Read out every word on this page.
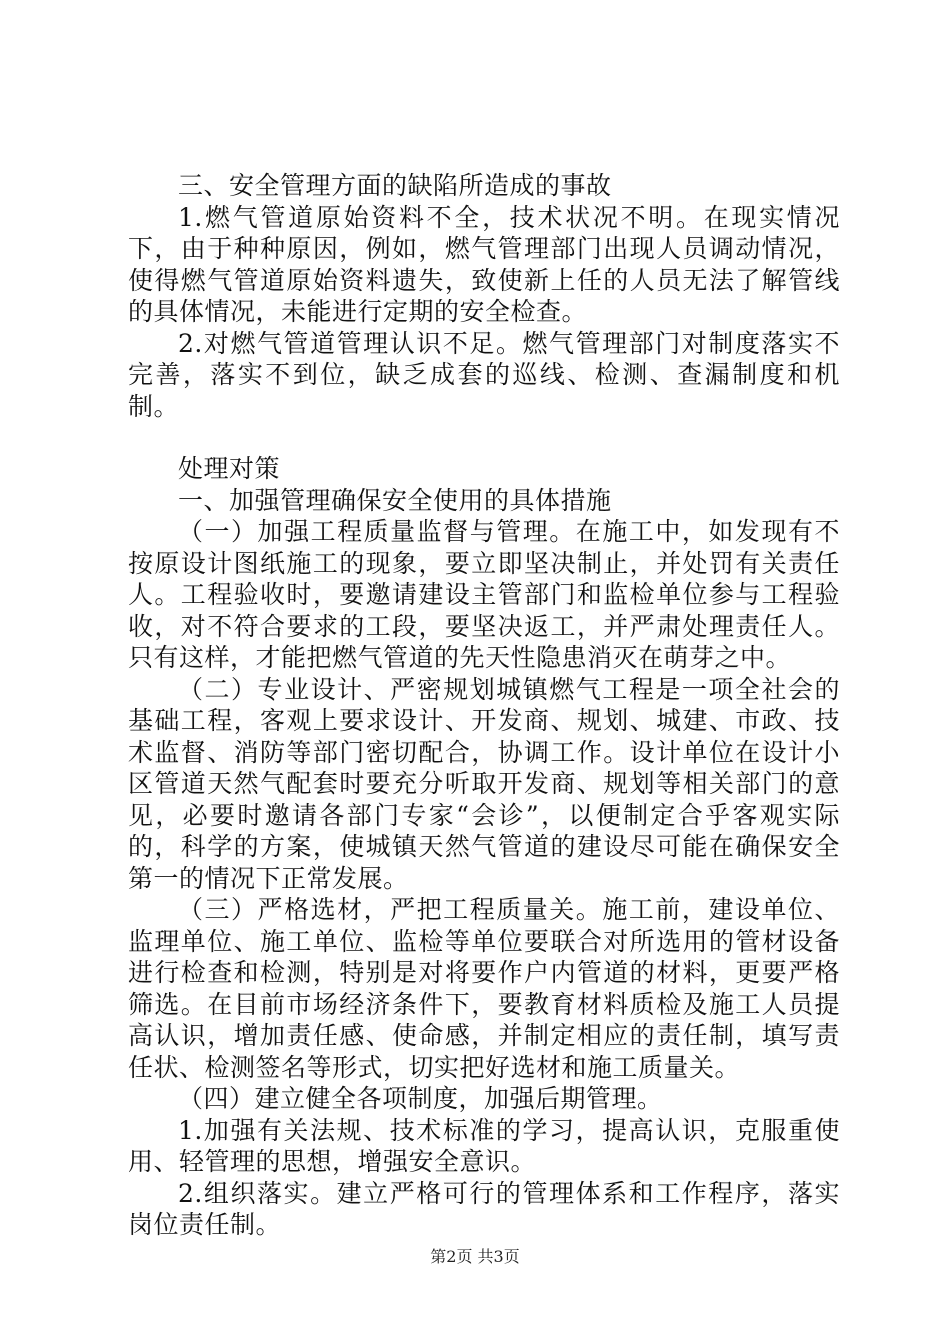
三、安全管理方面的缺陷所造成的事故

1.燃气管道原始资料不全，技术状况不明。在现实情况下，由于种种原因，例如，燃气管理部门出现人员调动情况，使得燃气管道原始资料遗失，致使新上任的人员无法了解管线的具体情况，未能进行定期的安全检查。

2.对燃气管道管理认识不足。燃气管理部门对制度落实不完善，落实不到位，缺乏成套的巡线、检测、查漏制度和机制。

处理对策

一、加强管理确保安全使用的具体措施

（一）加强工程质量监督与管理。在施工中，如发现有不按原设计图纸施工的现象，要立即坚决制止，并处罚有关责任人。工程验收时，要邀请建设主管部门和监检单位参与工程验收，对不符合要求的工段，要坚决返工，并严肃处理责任人。只有这样，才能把燃气管道的先天性隐患消灭在萌芽之中。

（二）专业设计、严密规划城镇燃气工程是一项全社会的基础工程，客观上要求设计、开发商、规划、城建、市政、技术监督、消防等部门密切配合，协调工作。设计单位在设计小区管道天然气配套时要充分听取开发商、规划等相关部门的意见，必要时邀请各部门专家“会诊”，以便制定合乎客观实际的，科学的方案，使城镇天然气管道的建设尽可能在确保安全第一的情况下正常发展。

（三）严格选材，严把工程质量关。施工前，建设单位、监理单位、施工单位、监检等单位要联合对所选用的管材设备进行检查和检测，特别是对将要作户内管道的材料，更要严格筛选。在目前市场经济条件下，要教育材料质检及施工人员提高认识，增加责任感、使命感，并制定相应的责任制，填写责任状、检测签名等形式，切实把好选材和施工质量关。

（四）建立健全各项制度，加强后期管理。

1.加强有关法规、技术标准的学习，提高认识，克服重使用、轻管理的思想，增强安全意识。

2.组织落实。建立严格可行的管理体系和工作程序，落实岗位责任制。

第2页 共3页
